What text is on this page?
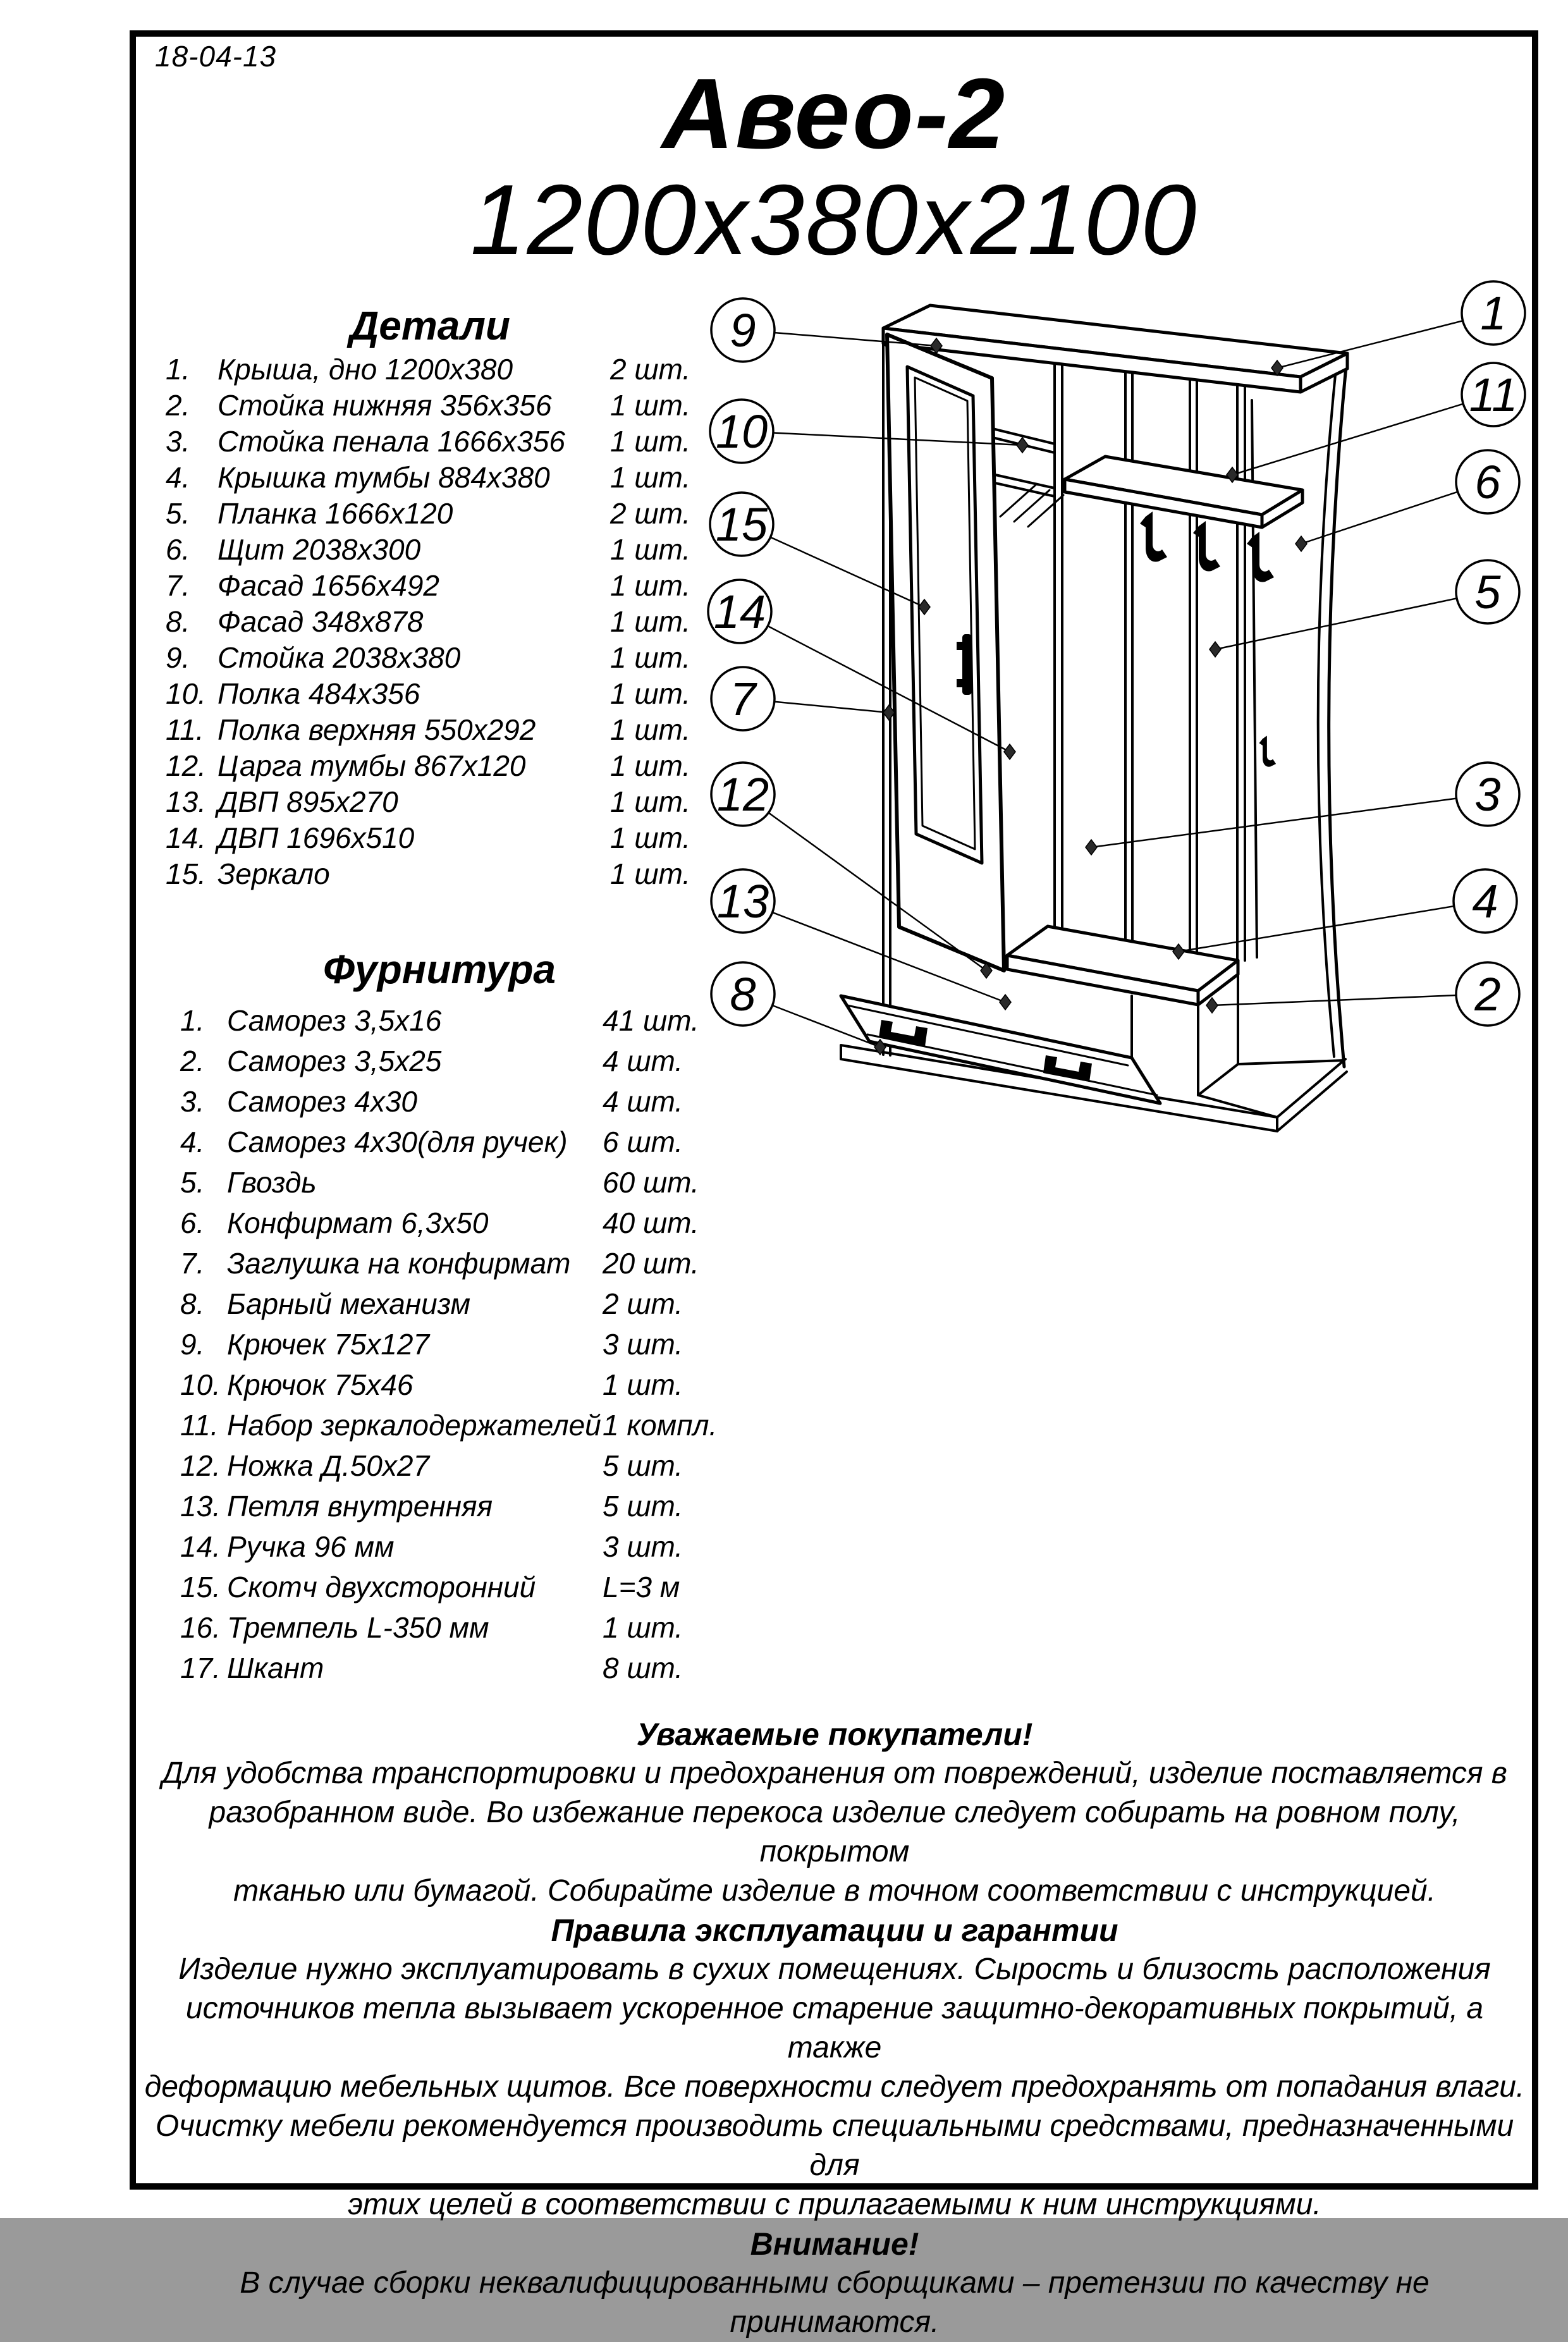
18-04-13
Авео-2
1200х380х2100
Детали
1. Крыша, дно 1200х380	2 шт.
2. Стойка нижняя 356х356 1 шт.
3. Стойка пенала 1666х356 1 шт.
4. Крышка тумбы 884х380 1 шт.
5. Планка 1666х120	2 шт.
6. Щит 2038х300	1 шт.
7. Фасад 1656х492	1 шт.
8. Фасад 348х878	1 шт.
9. Стойка 2038х380	1 шт.
10. Полка 484х356	1 шт.
11. Полка верхняя 550х292	1 шт.
12. Царга тумбы 867х120	1 шт.
13. ДВП 895х270	1 шт.
14. ДВП 1696х510	1 шт.
15. Зеркало	1 шт.
Фурнитура
1. Саморез 3,5х16	41 шт.
2. Саморез 3,5х25	4 шт.
3. Саморез 4х30	4 шт.
4. Саморез 4х30(для ручек) 6 шт.
5. Гвоздь	60 шт.
6. Конфирмат 6,3х50	40 шт.
7. Заглушка на конфирмат 20 шт.
8. Барный механизм	2 шт.
9. Крючек 75х127	3 шт.
10. Крючок 75х46	1 шт.
11. Набор зеркалодержателей 1 компл.
12. Ножка Д.50х27	5 шт.
13. Петля внутренняя	5 шт.
14. Ручка 96 мм	3 шт.
15. Скотч двухсторонний L=3 м
16. Тремпель L-350 мм	1 шт.
17. Шкант	8 шт.
9
10
15
14
7
12
13
8
1
11
6
5
3
4
2
Уважаемые покупатели!
Для удобства транспортировки и предохранения от повреждений, изделие поставляется в
разобранном виде. Во избежание перекоса изделие следует собирать на ровном полу, покрытом
тканью или бумагой. Собирайте изделие в точном соответствии с инструкцией.
Правила эксплуатации и гарантии
Изделие нужно эксплуатировать в сухих помещениях. Сырость и близость расположения
источников тепла вызывает ускоренное старение защитно-декоративных покрытий, а также
деформацию мебельных щитов. Все поверхности следует предохранять от попадания влаги.
Очистку мебели рекомендуется производить специальными средствами, предназначенными для
этих целей в соответствии с прилагаемыми к ним инструкциями.
Внимание!
В случае сборки неквалифицированными сборщиками – претензии по качеству не принимаются.
